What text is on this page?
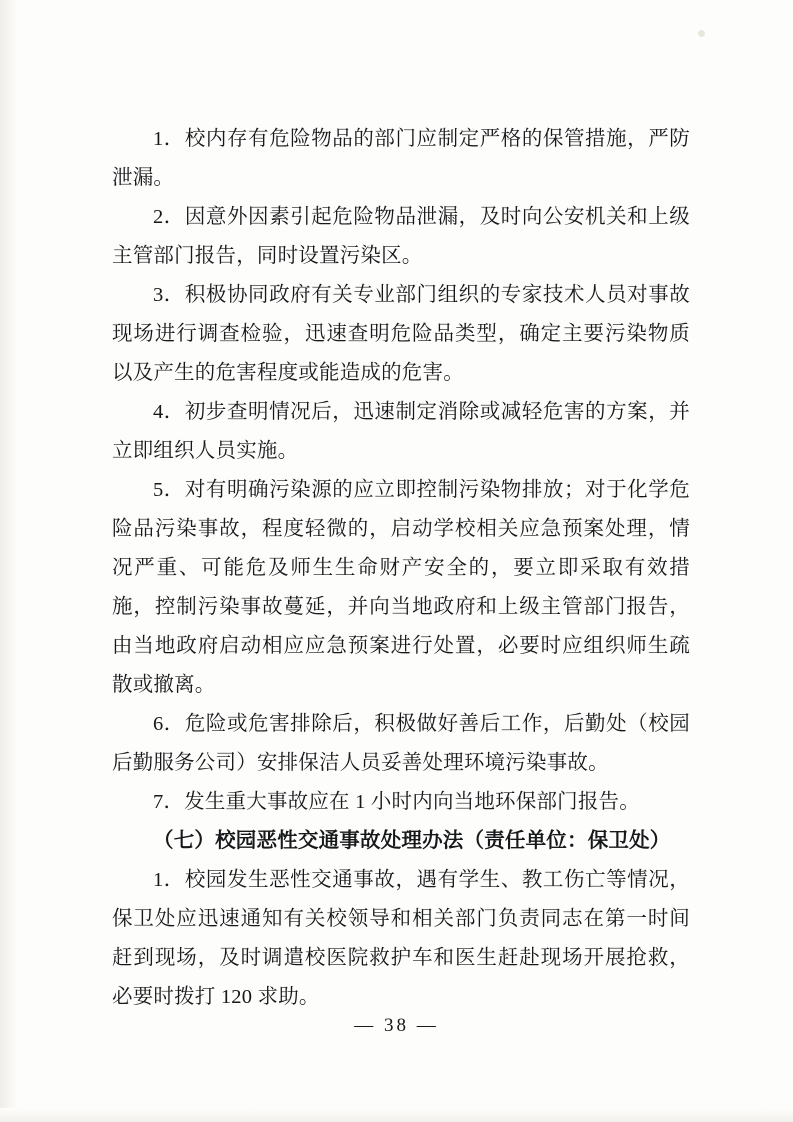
1．校内存有危险物品的部门应制定严格的保管措施，严防泄漏。

2．因意外因素引起危险物品泄漏，及时向公安机关和上级主管部门报告，同时设置污染区。

3．积极协同政府有关专业部门组织的专家技术人员对事故现场进行调查检验，迅速查明危险品类型，确定主要污染物质以及产生的危害程度或能造成的危害。

4．初步查明情况后，迅速制定消除或减轻危害的方案，并立即组织人员实施。

5．对有明确污染源的应立即控制污染物排放；对于化学危险品污染事故，程度轻微的，启动学校相关应急预案处理，情况严重、可能危及师生生命财产安全的，要立即采取有效措施，控制污染事故蔓延，并向当地政府和上级主管部门报告，由当地政府启动相应应急预案进行处置，必要时应组织师生疏散或撤离。

6．危险或危害排除后，积极做好善后工作，后勤处（校园后勤服务公司）安排保洁人员妥善处理环境污染事故。

7．发生重大事故应在 1 小时内向当地环保部门报告。

（七）校园恶性交通事故处理办法（责任单位：保卫处）

1．校园发生恶性交通事故，遇有学生、教工伤亡等情况，保卫处应迅速通知有关校领导和相关部门负责同志在第一时间赶到现场，及时调遣校医院救护车和医生赶赴现场开展抢救，必要时拨打 120 求助。

— 38 —
